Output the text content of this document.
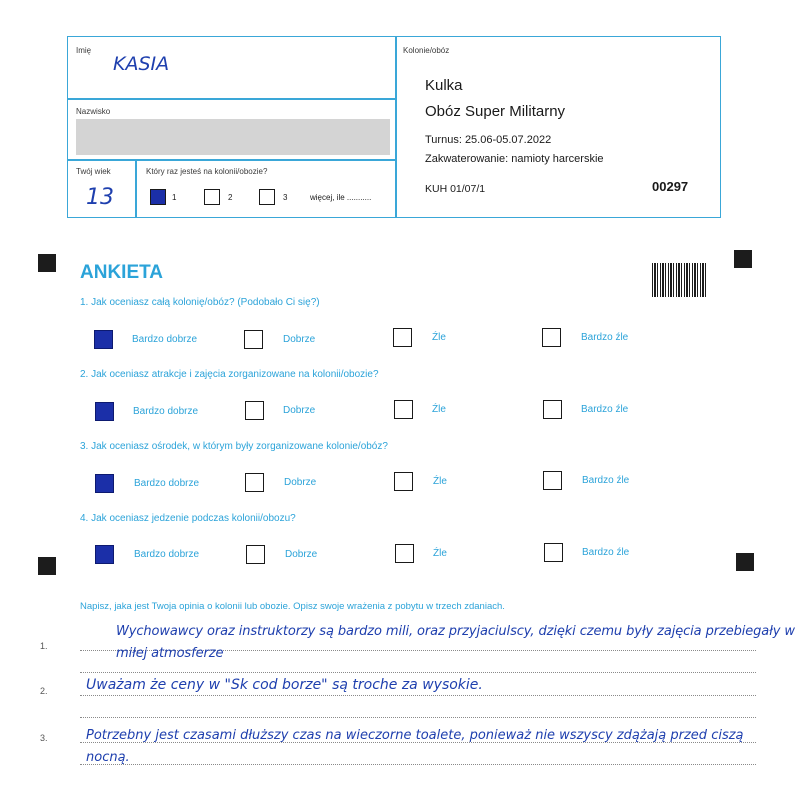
Imię
KASIA
Nazwisko
Twój wiek
13
Który raz jesteś na kolonii/obozie?
1	2	3	więcej, ile ...........
Kolonie/obóz
Kulka
Obóz Super Militarny
Turnus: 25.06-05.07.2022
Zakwaterowanie: namioty harcerskie
KUH 01/07/1	00297
ANKIETA
1. Jak oceniasz całą kolonię/obóz? (Podobało Ci się?)
Bardzo dobrze	Dobrze	Źle	Bardzo źle
2. Jak oceniasz atrakcje i zajęcia zorganizowane na kolonii/obozie?
Bardzo dobrze	Dobrze	Źle	Bardzo źle
3. Jak oceniasz ośrodek, w którym były zorganizowane kolonie/obóz?
Bardzo dobrze	Dobrze	Źle	Bardzo źle
4. Jak oceniasz jedzenie podczas kolonii/obozu?
Bardzo dobrze	Dobrze	Źle	Bardzo źle
Napisz, jaka jest Twoja opinia o kolonii lub obozie. Opisz swoje wrażenia z pobytu w trzech zdaniach.
1.
Wychowawcy oraz instruktorzy są bardzo mili, oraz przyjaciulscy, dzięki czemu były zajęcia przebiegały w miłej atmosferze
2.	Uważam że ceny w "Sk cod borze" są troche za wysokie.
3.	Potrzebny jest czasami dłuższy czas na wieczorne toalete, ponieważ nie wszyscy zdążają przed ciszą nocną.
